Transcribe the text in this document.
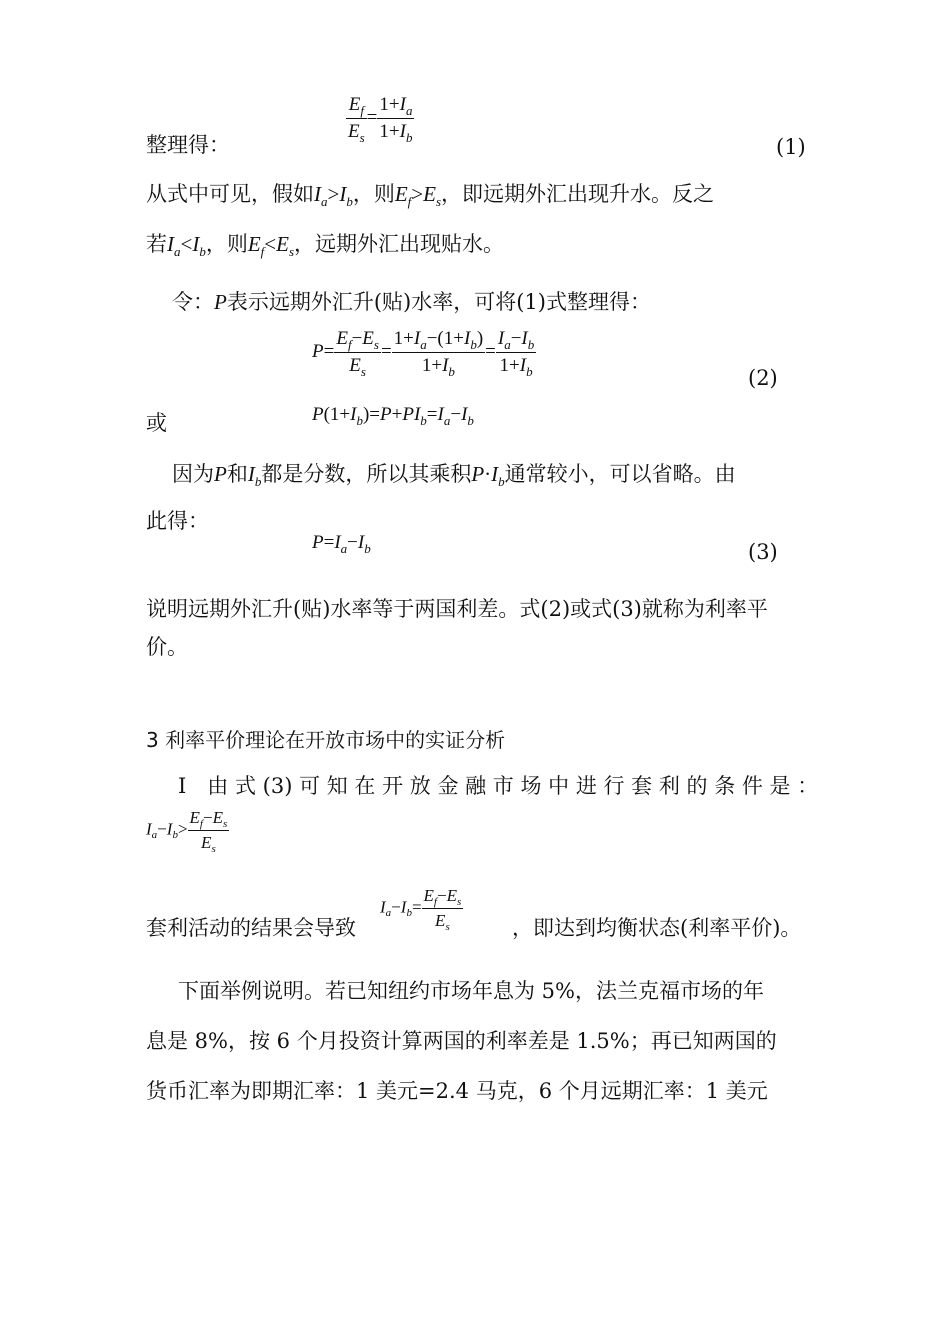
整理得：
$\frac{E_f}{E_s} = \frac{1+I_a}{1+I_b}$
(1)
从式中可见，假如$I_a>I_b$，则$E_f>E_s$，即远期外汇出现升水。反之
若$I_a<I_b$，则$E_f<E_s$，远期外汇出现贴水。
令：P表示远期外汇升(贴)水率，可将(1)式整理得：
$P= \frac{E_f-E_s}{E_s} = \frac{1+I_a-(1+I_b)}{1+I_b} = \frac{I_a-I_b}{1+I_b}$
(2)
或	$P(1+I_b)=P+PI_b=I_a-I_b$
因为P和$I_b$都是分数，所以其乘积$P\cdot I_b$通常较小，可以省略。由
此得：
$P=I_a-I_b$	(3)
说明远期外汇升(贴)水率等于两国利差。式(2)或式(3)就称为利率平
价。
3 利率平价理论在开放市场中的实证分析
Ⅰ　由 式 (3) 可 知 在 开 放 金 融 市 场 中 进 行 套 利 的 条 件 是 ：
$I_a-I_b> \frac{E_f-E_s}{E_s}$
套利活动的结果会导致
$I_a-I_b= \frac{E_f-E_s}{E_s}$ ，即达到均衡状态(利率平价)。
下面举例说明。若已知纽约市场年息为 5%，法兰克福市场的年
息是 8%，按 6 个月投资计算两国的利率差是 1.5%；再已知两国的
货币汇率为即期汇率：1 美元=2.4 马克，6 个月远期汇率：1 美元
